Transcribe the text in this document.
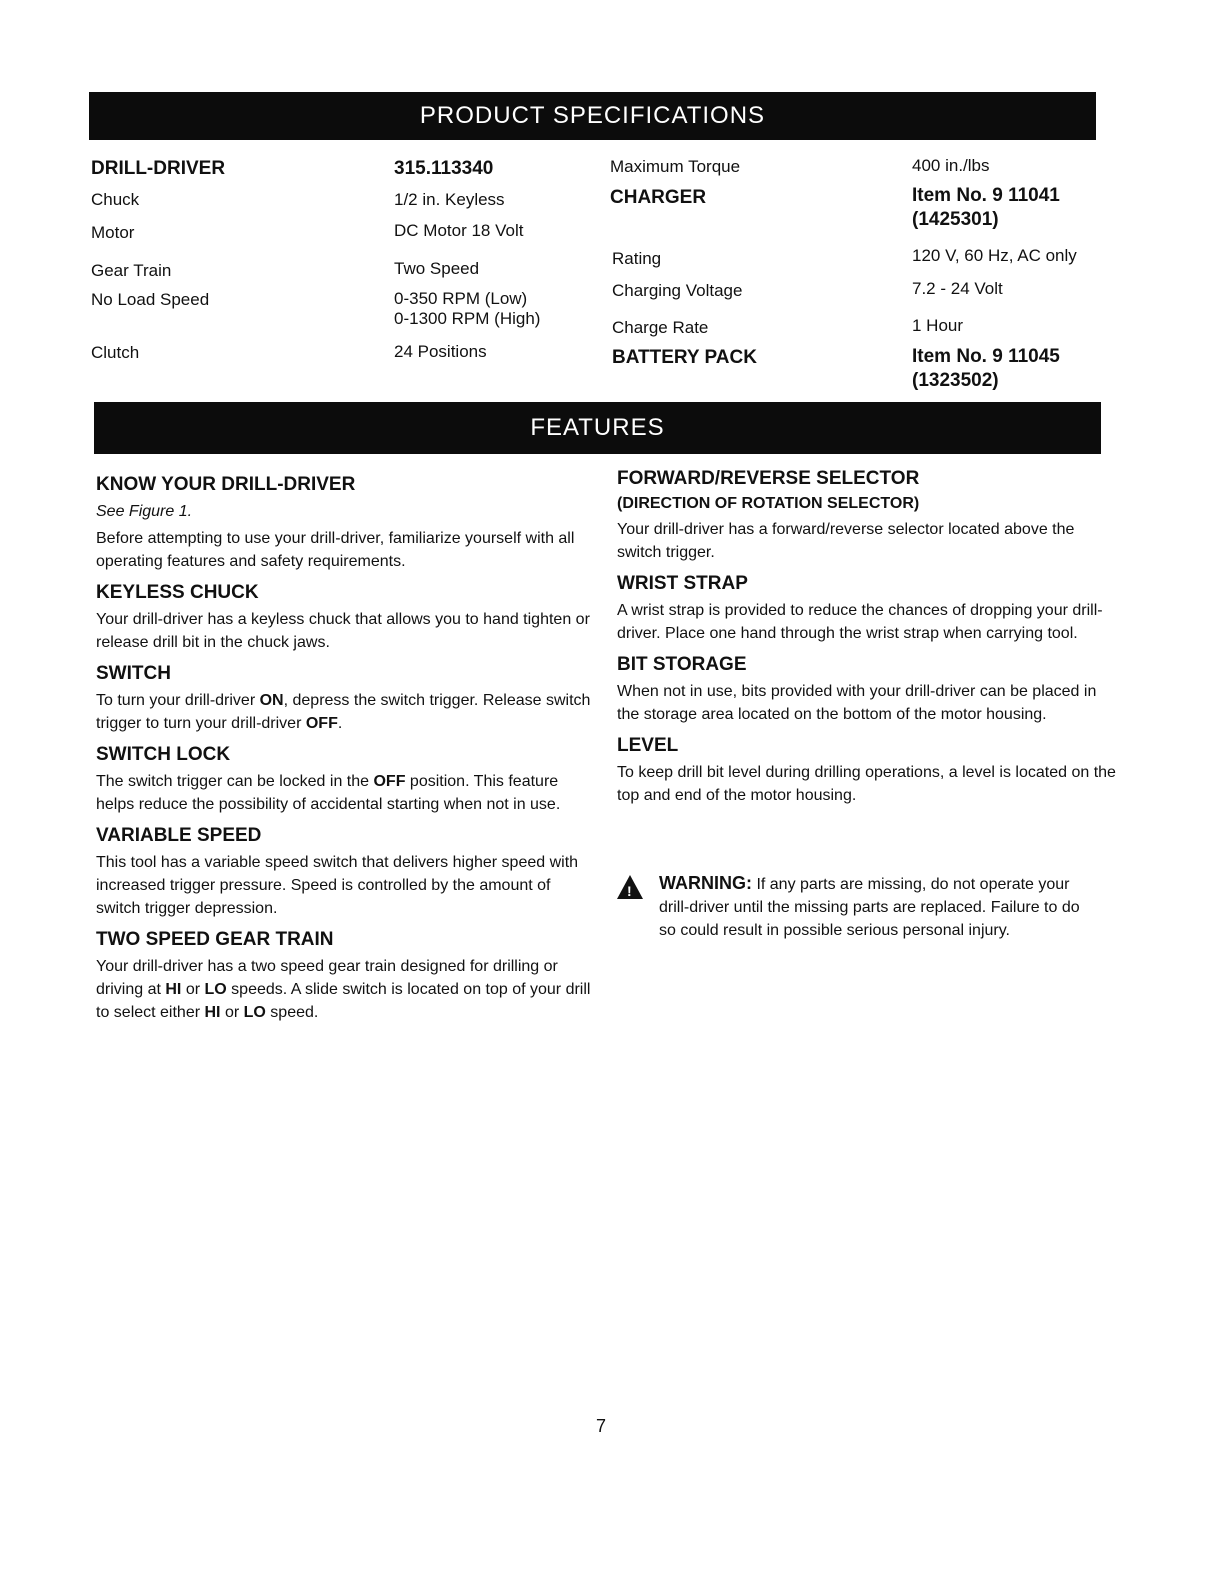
PRODUCT SPECIFICATIONS
DRILL-DRIVER
Chuck
Motor
Gear Train
No Load Speed
Clutch
315.113340
1/2 in. Keyless
DC Motor 18 Volt
Two Speed
0-350 RPM (Low)
0-1300 RPM (High)
24 Positions
Maximum Torque
CHARGER
Rating
Charging Voltage
Charge Rate
BATTERY PACK
400 in./lbs
Item No. 9 11041
(1425301)
120 V, 60 Hz, AC only
7.2 - 24 Volt
1 Hour
Item No. 9 11045
(1323502)
FEATURES
KNOW YOUR DRILL-DRIVER

See Figure 1.

Before attempting to use your drill-driver, familiarize yourself with all operating features and safety requirements.

KEYLESS CHUCK

Your drill-driver has a keyless chuck that allows you to hand tighten or release drill bit in the chuck jaws.

SWITCH

To turn your drill-driver ON, depress the switch trigger. Release switch trigger to turn your drill-driver OFF.

SWITCH LOCK

The switch trigger can be locked in the OFF position. This feature helps reduce the possibility of accidental starting when not in use.

VARIABLE SPEED

This tool has a variable speed switch that delivers higher speed with increased trigger pressure. Speed is controlled by the amount of switch trigger depression.

TWO SPEED GEAR TRAIN

Your drill-driver has a two speed gear train designed for drilling or driving at HI or LO speeds. A slide switch is located on top of your drill to select either HI or LO speed.

FORWARD/REVERSE SELECTOR
(DIRECTION OF ROTATION SELECTOR)

Your drill-driver has a forward/reverse selector located above the switch trigger.

WRIST STRAP

A wrist strap is provided to reduce the chances of dropping your drill-driver. Place one hand through the wrist strap when carrying tool.

BIT STORAGE

When not in use, bits provided with your drill-driver can be placed in the storage area located on the bottom of the motor housing.

LEVEL

To keep drill bit level during drilling operations, a level is located on the top and end of the motor housing.

! WARNING: If any parts are missing, do not operate your drill-driver until the missing parts are replaced. Failure to do so could result in possible serious personal injury.
7
